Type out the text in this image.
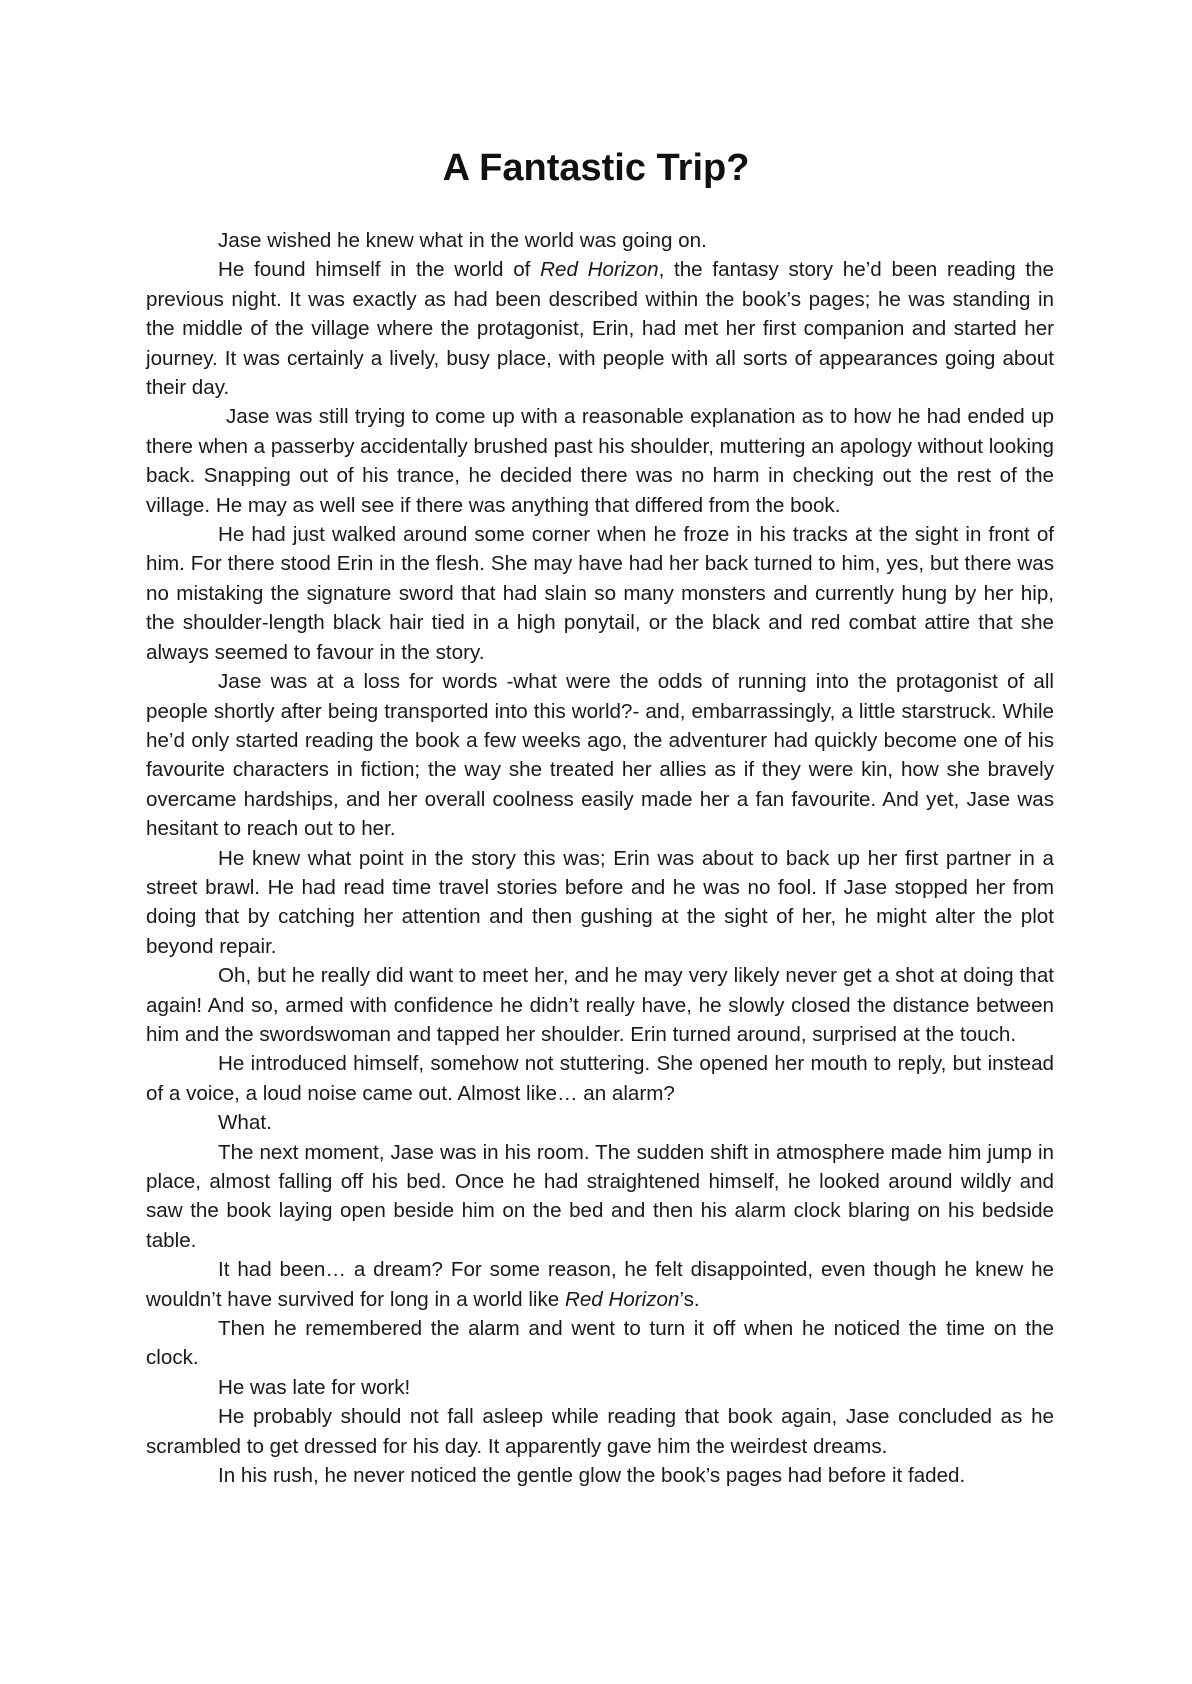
A Fantastic Trip?

Jase wished he knew what in the world was going on.

He found himself in the world of Red Horizon, the fantasy story he’d been reading the previous night. It was exactly as had been described within the book’s pages; he was standing in the middle of the village where the protagonist, Erin, had met her first companion and started her journey. It was certainly a lively, busy place, with people with all sorts of appearances going about their day.

Jase was still trying to come up with a reasonable explanation as to how he had ended up there when a passerby accidentally brushed past his shoulder, muttering an apology without looking back. Snapping out of his trance, he decided there was no harm in checking out the rest of the village. He may as well see if there was anything that differed from the book.

He had just walked around some corner when he froze in his tracks at the sight in front of him. For there stood Erin in the flesh. She may have had her back turned to him, yes, but there was no mistaking the signature sword that had slain so many monsters and currently hung by her hip, the shoulder-length black hair tied in a high ponytail, or the black and red combat attire that she always seemed to favour in the story.

Jase was at a loss for words -what were the odds of running into the protagonist of all people shortly after being transported into this world?- and, embarrassingly, a little starstruck. While he’d only started reading the book a few weeks ago, the adventurer had quickly become one of his favourite characters in fiction; the way she treated her allies as if they were kin, how she bravely overcame hardships, and her overall coolness easily made her a fan favourite. And yet, Jase was hesitant to reach out to her.

He knew what point in the story this was; Erin was about to back up her first partner in a street brawl. He had read time travel stories before and he was no fool. If Jase stopped her from doing that by catching her attention and then gushing at the sight of her, he might alter the plot beyond repair.

Oh, but he really did want to meet her, and he may very likely never get a shot at doing that again! And so, armed with confidence he didn’t really have, he slowly closed the distance between him and the swordswoman and tapped her shoulder. Erin turned around, surprised at the touch.

He introduced himself, somehow not stuttering. She opened her mouth to reply, but instead of a voice, a loud noise came out. Almost like… an alarm?

What.

The next moment, Jase was in his room. The sudden shift in atmosphere made him jump in place, almost falling off his bed. Once he had straightened himself, he looked around wildly and saw the book laying open beside him on the bed and then his alarm clock blaring on his bedside table.

It had been… a dream? For some reason, he felt disappointed, even though he knew he wouldn’t have survived for long in a world like Red Horizon’s.

Then he remembered the alarm and went to turn it off when he noticed the time on the clock.

He was late for work!

He probably should not fall asleep while reading that book again, Jase concluded as he scrambled to get dressed for his day. It apparently gave him the weirdest dreams.

In his rush, he never noticed the gentle glow the book’s pages had before it faded.
